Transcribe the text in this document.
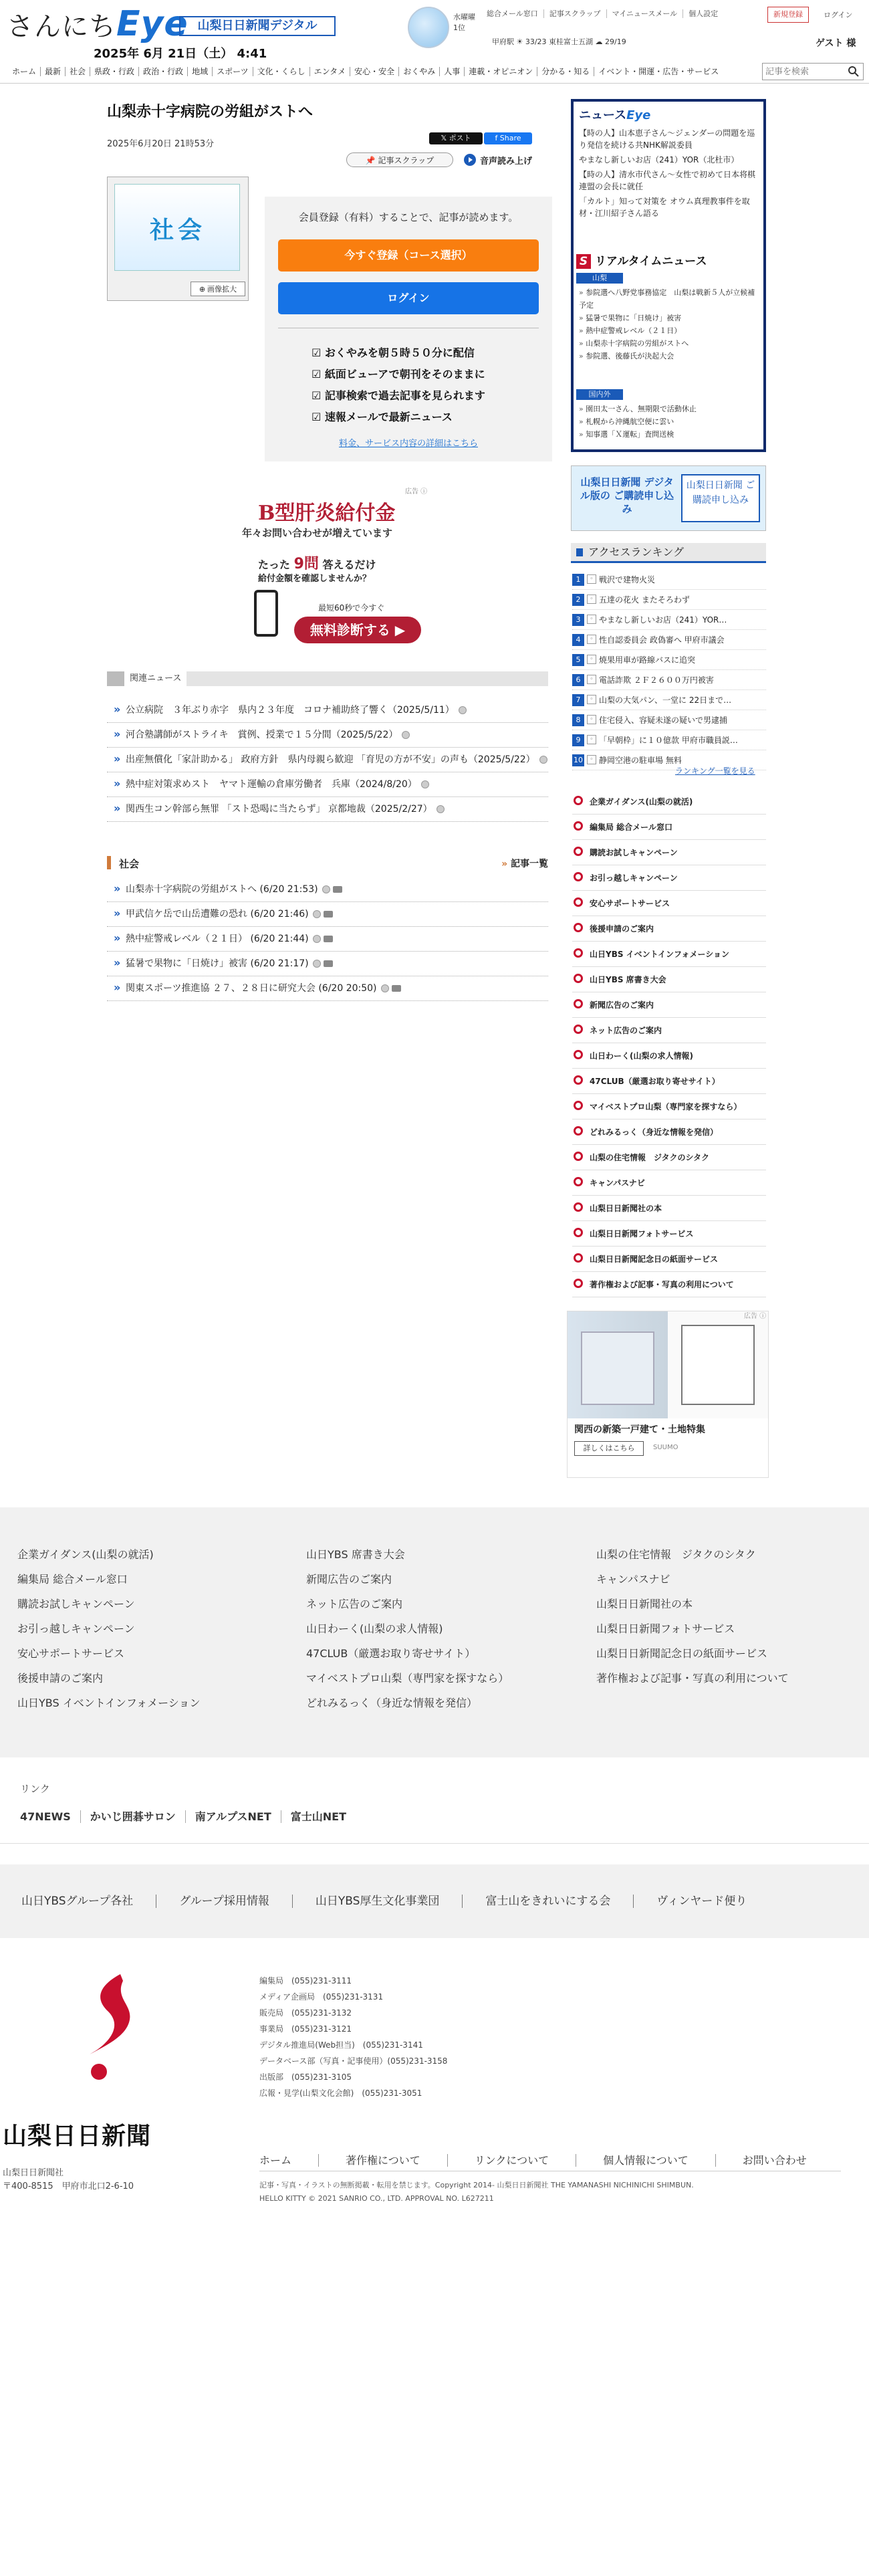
さんにちEye 山梨日日新聞デジタル
2025年 6月 21日（土） 4:41
水曜曜
1位
総合メール窓口 記事スクラップ マイニュースメール 個人設定	新規登録	ログイン
甲府駅 ☀ 33/23 東桂富士五湖 ☁ 29/19	ゲスト 様
ホーム 最新 社会 県政・行政 政治・行政 地域 スポーツ 文化・くらし エンタメ 安心・安全 おくやみ 人事 連載・オピニオン 分かる・知る イベント・開運・広告・サービス
記事を検索
山梨赤十字病院の労組がストへ
2025年6月20日 21時53分
𝕏 ポスト	f Share
📌 記事スクラップ	音声読み上げ
社会
⊕ 画像拡大
会員登録（有料）することで、記事が読めます。
今すぐ登録（コース選択）
ログイン
☑ おくやみを朝５時５０分に配信
☑ 紙面ビューアで朝刊をそのままに
☑ 記事検索で過去記事を見られます
☑ 速報メールで最新ニュース
料金、サービス内容の詳細はこちら
B型肝炎給付金
年々お問い合わせが増えています
たった 9問 答えるだけ
給付金額を確認しませんか？
最短60秒で今すぐ
無料診断する ▶
広告 ⓘ
関連ニュース
» 公立病院　３年ぶり赤字　県内２３年度　コロナ補助終了響く（2025/5/11）
» 河合塾講師がストライキ　賞例、授業で１５分間（2025/5/22）
» 出産無償化「家計助かる」 政府方針　県内母親ら歓迎 「育児の方が不安」の声も（2025/5/22）
» 熱中症対策求めスト　ヤマト運輸の倉庫労働者　兵庫（2024/8/20）
» 関西生コン幹部ら無罪 「スト恐喝に当たらず」 京都地裁（2025/2/27）
社会
»	記事一覧
» 山梨赤十字病院の労組がストへ (6/20 21:53)
» 甲武信ケ岳で山岳遭難の恐れ (6/20 21:46)
» 熱中症警戒レベル（２１日） (6/20 21:44)
» 猛暑で果物に「日焼け」被害 (6/20 21:17)
» 関東スポーツ推進協 ２７、２８日に研究大会 (6/20 20:50)
ニュースEye
【時の人】山本恵子さん～ジェンダーの問題を巡り発信を続ける共NHK解説委員
やまなし新しいお店（241）YOR（北杜市）
【時の人】清水市代さん～女性で初めて日本将棋連盟の会長に就任
「カルト」知って対策を オウム真理教事件を取材・江川紹子さん語る
S リアルタイムニュース
山梨
» 参院選へ八野党事務協定　山梨は戦新５人が立候補予定
» 猛暑で果物に「日焼け」被害
» 熱中症警戒レベル（２１日）
» 山梨赤十字病院の労組がストへ
» 参院選、後藤氏が決起大会
国内外
» 園田太一さん、無期限で活動休止
» 札幌から沖縄航空便に雲い
» 知事選「Ｘ運転」査問送検
山梨日日新聞 デジタル版の ご購読申し込み
山梨日日新聞 ご購読申し込み
アクセスランキング
1	◦ 戦沢で建物火災
2	◦ 五達の花火 またそろわず
3	◦ やまなし新しいお店（241）YOR…
4	◦ 性自認委員会 政偽審へ 甲府市議会
5	◦ 焼果用車が路線バスに追突
6	◦ 電話詐欺 ２Ｆ２６００万円被害
7	◦ 山梨の大気パン、一堂に 22日まで…
8	◦ 住宅侵入、容疑未遂の疑いで男逮捕
9	◦ 「早朝枠」に１０億款 甲府市職員説…
10	◦ 静岡空港の駐車場 無料
ランキング一覧を見る
企業ガイダンス(山梨の就活)
編集局 総合メール窓口
購読お試しキャンペーン
お引っ越しキャンペーン
安心サポートサービス
後援申請のご案内
山日YBS イベントインフォメーション
山日YBS 席書き大会
新聞広告のご案内
ネット広告のご案内
山日わーく(山梨の求人情報)
47CLUB（厳選お取り寄せサイト）
マイベストプロ山梨（専門家を探すなら）
どれみるっく（身近な情報を発信）
山梨の住宅情報　ジタクのシタク
キャンパスナビ
山梨日日新聞社の本
山梨日日新聞フォトサービス
山梨日日新聞記念日の紙面サービス
著作権および記事・写真の利用について
広告 ⓘ
関西の新築一戸建て・土地特集
詳しくはこちら	SUUMO
企業ガイダンス(山梨の就活)
編集局 総合メール窓口
購読お試しキャンペーン
お引っ越しキャンペーン
安心サポートサービス
後援申請のご案内
山日YBS イベントインフォメーション
山日YBS 席書き大会
新聞広告のご案内
ネット広告のご案内
山日わーく(山梨の求人情報)
47CLUB（厳選お取り寄せサイト）
マイベストプロ山梨（専門家を探すなら）
どれみるっく（身近な情報を発信）
山梨の住宅情報　ジタクのシタク
キャンパスナビ
山梨日日新聞社の本
山梨日日新聞フォトサービス
山梨日日新聞記念日の紙面サービス
著作権および記事・写真の利用について
リンク
47NEWS かいじ囲碁サロン 南アルプスNET 富士山NET
山日YBSグループ各社	グループ採用情報	山日YBS厚生文化事業団	富士山をきれいにする会	ヴィンヤード便り
山梨日日新聞
山梨日日新聞社
〒400-8515　甲府市北口2-6-10
編集局　(055)231-3111
メディア企画局　(055)231-3131
販売局　(055)231-3132
事業局　(055)231-3121
デジタル推進局(Web担当)　(055)231-3141
データベース部（写真・記事使用）(055)231-3158
出版部　(055)231-3105
広報・見学(山梨文化会館)　(055)231-3051
ホーム	著作権について	リンクについて	個人情報について	お問い合わせ
記事・写真・イラストの無断掲載・転用を禁じます。Copyright 2014- 山梨日日新聞社 THE YAMANASHI NICHINICHI SHIMBUN.
HELLO KITTY © 2021 SANRIO CO., LTD. APPROVAL NO. L627211
